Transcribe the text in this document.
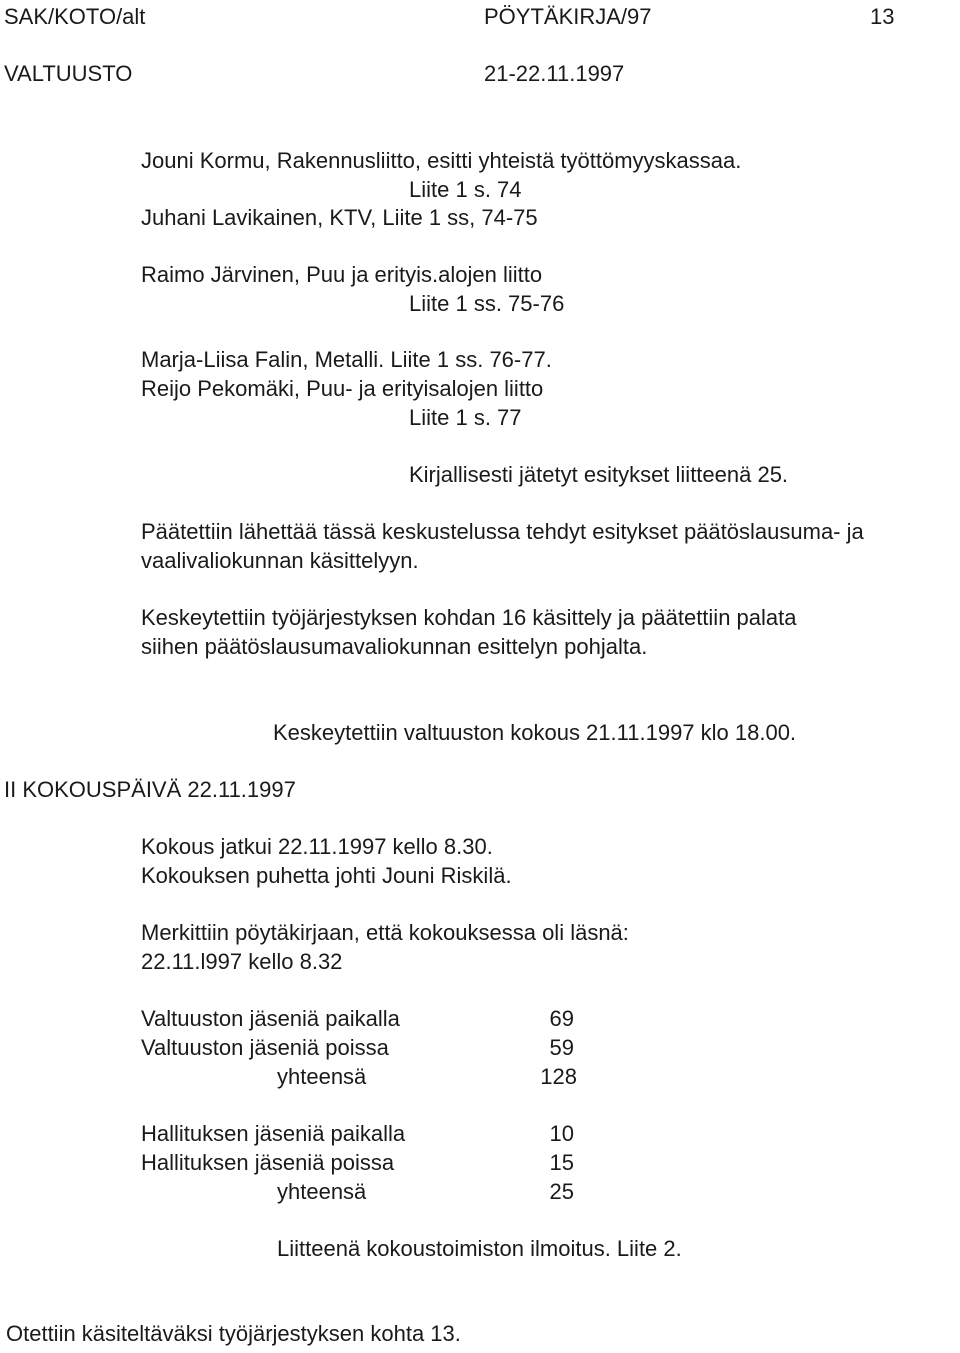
SAK/KOTO/alt	PÖYTÄKIRJA/97	13

VALTUUSTO	21-22.11.1997

Jouni Kormu, Rakennusliitto, esitti yhteistä työttömyyskassaa.

Liite 1 s. 74

Juhani Lavikainen, KTV, Liite 1 ss, 74-75

Raimo Järvinen, Puu ja erityis.alojen liitto

Liite 1 ss. 75-76

Marja-Liisa Falin, Metalli. Liite 1 ss. 76-77.

Reijo Pekomäki, Puu- ja erityisalojen liitto

Liite 1 s. 77

Kirjallisesti jätetyt esitykset liitteenä 25.

Päätettiin lähettää tässä keskustelussa tehdyt esitykset päätöslausuma- ja

vaalivaliokunnan käsittelyyn.

Keskeytettiin työjärjestyksen kohdan 16 käsittely ja päätettiin palata

siihen päätöslausumavaliokunnan esittelyn pohjalta.

Keskeytettiin valtuuston kokous 21.11.1997 klo 18.00.

II KOKOUSPÄIVÄ 22.11.1997

Kokous jatkui 22.11.1997 kello 8.30.

Kokouksen puhetta johti Jouni Riskilä.

Merkittiin pöytäkirjaan, että kokouksessa oli läsnä:

22.11.l997 kello 8.32

Valtuuston jäseniä paikalla	69

Valtuuston jäseniä poissa	59

yhteensä	128

Hallituksen jäseniä paikalla	10

Hallituksen jäseniä poissa	15

yhteensä	25

Liitteenä kokoustoimiston ilmoitus. Liite 2.

Otettiin käsiteltäväksi työjärjestyksen kohta 13.
